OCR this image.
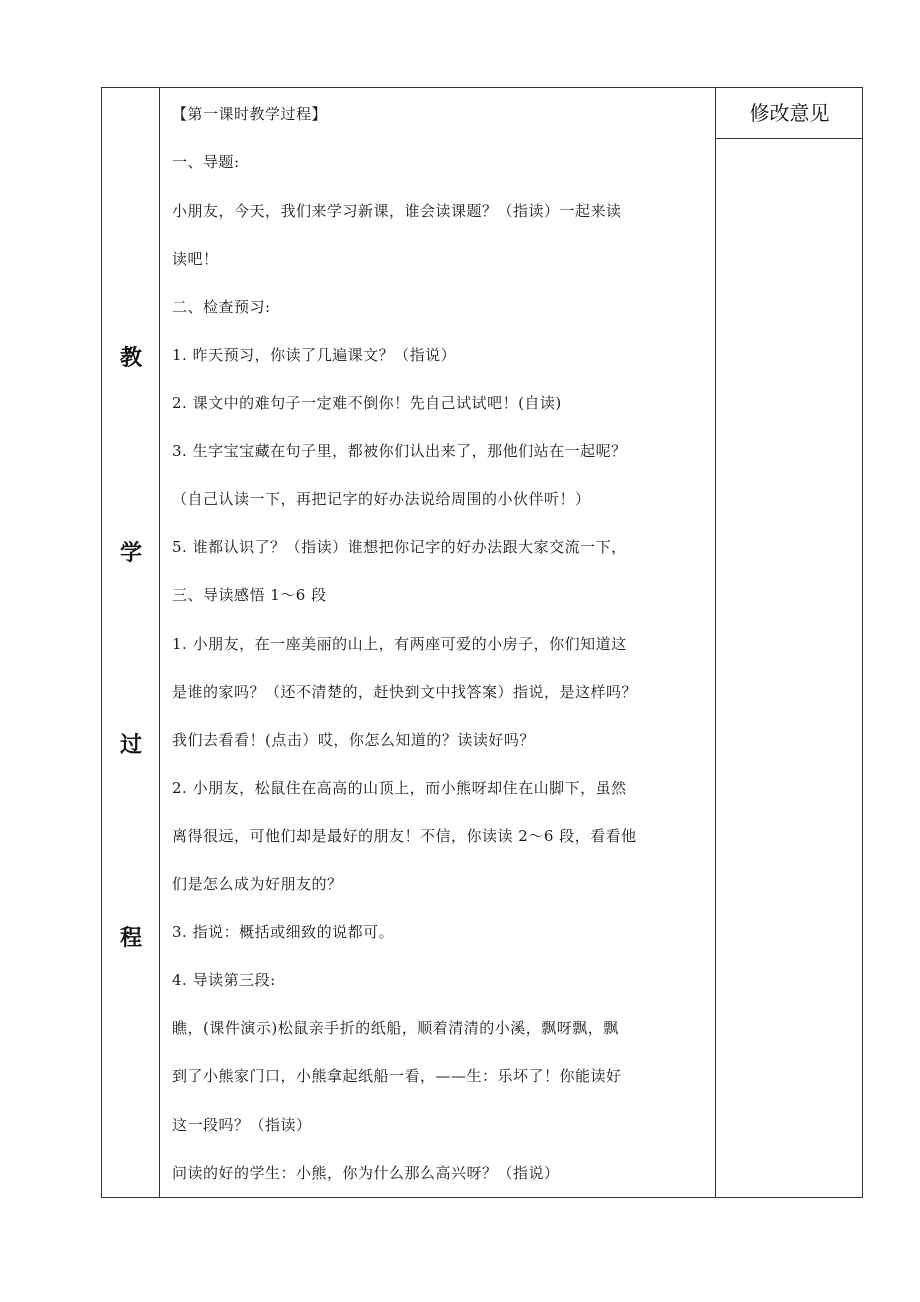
教
学
过
程
修改意见
【第一课时教学过程】
一、导题:
小朋友，今天，我们来学习新课，谁会读课题？（指读）一起来读
读吧！
二、检查预习:
1. 昨天预习，你读了几遍课文？（指说）
2. 课文中的难句子一定难不倒你！先自己试试吧！(自读)
3. 生字宝宝藏在句子里，都被你们认出来了，那他们站在一起呢？
（自己认读一下，再把记字的好办法说给周围的小伙伴听！）
5. 谁都认识了？（指读）谁想把你记字的好办法跟大家交流一下，
三、导读感悟 1～6 段
1. 小朋友，在一座美丽的山上，有两座可爱的小房子，你们知道这
是谁的家吗？（还不清楚的，赶快到文中找答案）指说，是这样吗？
我们去看看！(点击）哎，你怎么知道的？读读好吗？
2. 小朋友，松鼠住在高高的山顶上，而小熊呀却住在山脚下，虽然
离得很远，可他们却是最好的朋友！不信，你读读 2～6 段，看看他
们是怎么成为好朋友的？
3. 指说：概括或细致的说都可。
4. 导读第三段:
瞧，(课件演示)松鼠亲手折的纸船，顺着清清的小溪，飘呀飘，飘
到了小熊家门口，小熊拿起纸船一看，——生：乐坏了！你能读好
这一段吗？（指读）
问读的好的学生：小熊，你为什么那么高兴呀？（指说）
